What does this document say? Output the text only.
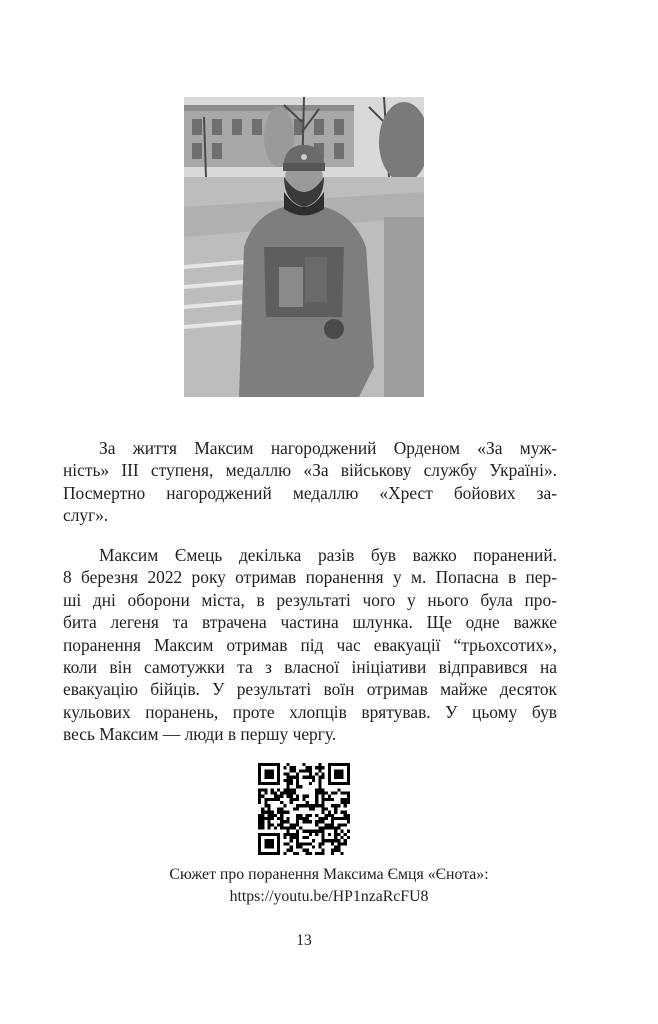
За життя Максим нагороджений Орденом «За муж-
ність» III ступеня, медаллю «За військову службу Україні».
Посмертно нагороджений медаллю «Хрест бойових за-
слуг».

Максим Ємець декілька разів був важко поранений.
8 березня 2022 року отримав поранення у м. Попасна в пер-
ші дні оборони міста, в результаті чого у нього була про-
бита легеня та втрачена частина шлунка. Ще одне важке
поранення Максим отримав під час евакуації “трьохсотих»,
коли він самотужки та з власної ініціативи відправився на
евакуацію бійців. У результаті воїн отримав майже десяток
кульових поранень, проте хлопців врятував. У цьому був
весь Максим — люди в першу чергу.

Сюжет про поранення Максима Ємця «Єнота»:
https://youtu.be/HP1nzaRcFU8
13
